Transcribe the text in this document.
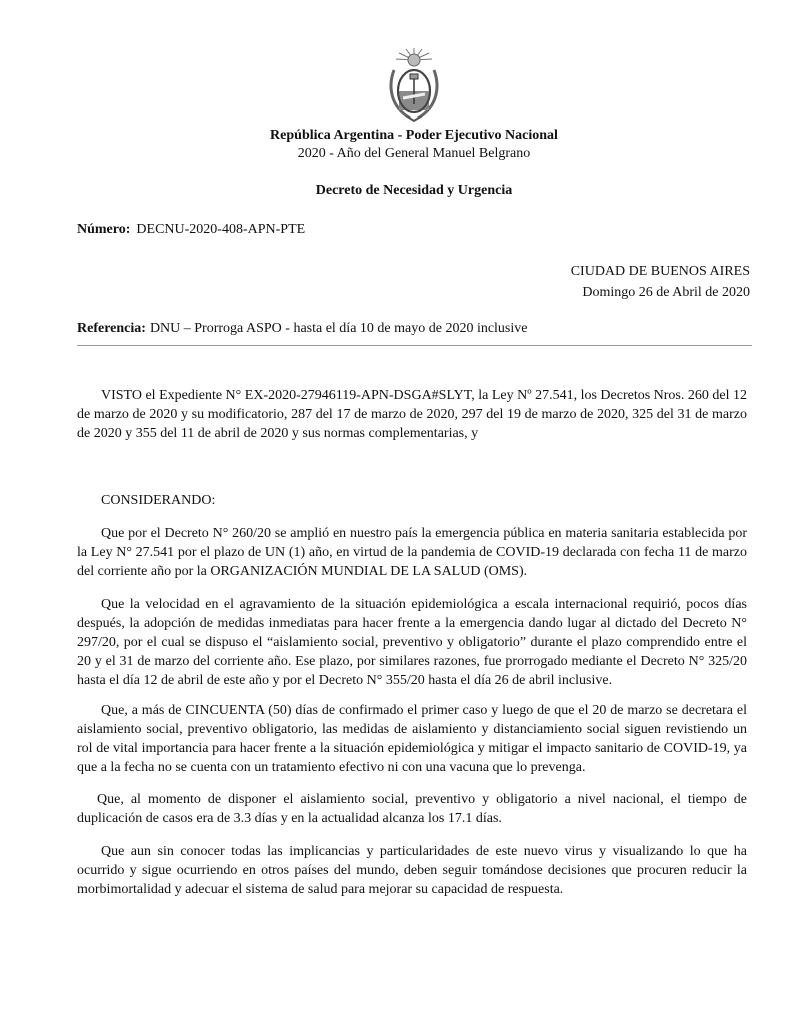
República Argentina - Poder Ejecutivo Nacional
2020 - Año del General Manuel Belgrano
Decreto de Necesidad y Urgencia
Número: DECNU-2020-408-APN-PTE
CIUDAD DE BUENOS AIRES
Domingo 26 de Abril de 2020
Referencia: DNU – Prorroga ASPO - hasta el día 10 de mayo de 2020 inclusive
VISTO el Expediente N° EX-2020-27946119-APN-DSGA#SLYT, la Ley Nº 27.541, los Decretos Nros. 260 del 12 de marzo de 2020 y su modificatorio, 287 del 17 de marzo de 2020, 297 del 19 de marzo de 2020, 325 del 31 de marzo de 2020 y 355 del 11 de abril de 2020 y sus normas complementarias, y
CONSIDERANDO:
Que por el Decreto N° 260/20 se amplió en nuestro país la emergencia pública en materia sanitaria establecida por la Ley N° 27.541 por el plazo de UN (1) año, en virtud de la pandemia de COVID-19 declarada con fecha 11 de marzo del corriente año por la ORGANIZACIÓN MUNDIAL DE LA SALUD (OMS).
Que la velocidad en el agravamiento de la situación epidemiológica a escala internacional requirió, pocos días después, la adopción de medidas inmediatas para hacer frente a la emergencia dando lugar al dictado del Decreto N° 297/20, por el cual se dispuso el “aislamiento social, preventivo y obligatorio” durante el plazo comprendido entre el 20 y el 31 de marzo del corriente año. Ese plazo, por similares razones, fue prorrogado mediante el Decreto N° 325/20 hasta el día 12 de abril de este año y por el Decreto N° 355/20 hasta el día 26 de abril inclusive.
Que, a más de CINCUENTA (50) días de confirmado el primer caso y luego de que el 20 de marzo se decretara el aislamiento social, preventivo obligatorio, las medidas de aislamiento y distanciamiento social siguen revistiendo un rol de vital importancia para hacer frente a la situación epidemiológica y mitigar el impacto sanitario de COVID-19, ya que a la fecha no se cuenta con un tratamiento efectivo ni con una vacuna que lo prevenga.
Que, al momento de disponer el aislamiento social, preventivo y obligatorio a nivel nacional, el tiempo de duplicación de casos era de 3.3 días y en la actualidad alcanza los 17.1 días.
Que aun sin conocer todas las implicancias y particularidades de este nuevo virus y visualizando lo que ha ocurrido y sigue ocurriendo en otros países del mundo, deben seguir tomándose decisiones que procuren reducir la morbimortalidad y adecuar el sistema de salud para mejorar su capacidad de respuesta.
